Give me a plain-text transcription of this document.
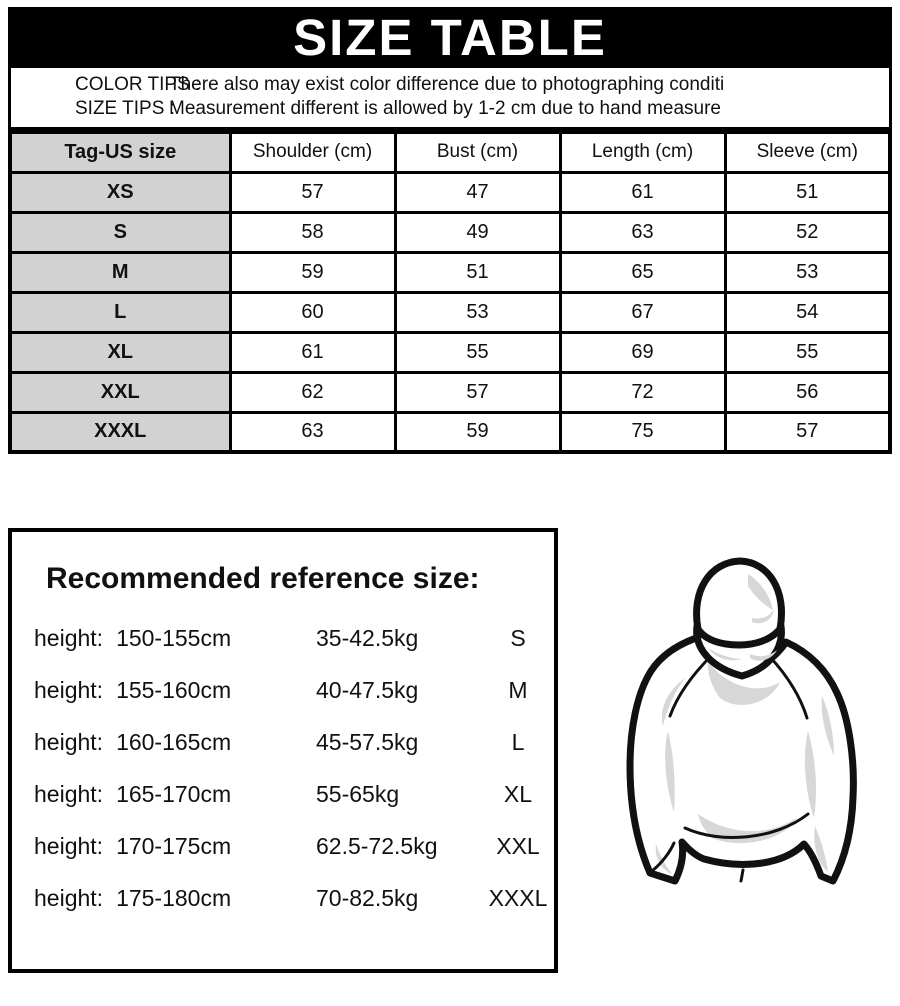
SIZE TABLE
COLOR TIPS :
There also may exist color difference due to photographing conditi
SIZE TIPS :
Measurement different is allowed by 1-2 cm due to hand measure
Tag-US size	Shoulder (cm)	Bust (cm)	Length (cm)	Sleeve (cm)
XS	57	47	61	51
S	58	49	63	52
M	59	51	65	53
L	60	53	67	54
XL	61	55	69	55
XXL	62	57	72	56
XXXL	63	59	75	57
Recommended reference size:
height: 150-155cm	35-42.5kg	S
height: 155-160cm	40-47.5kg	M
height: 160-165cm	45-57.5kg	L
height: 165-170cm	55-65kg	XL
height: 170-175cm	62.5-72.5kg	XXL
height: 175-180cm	70-82.5kg	XXXL
